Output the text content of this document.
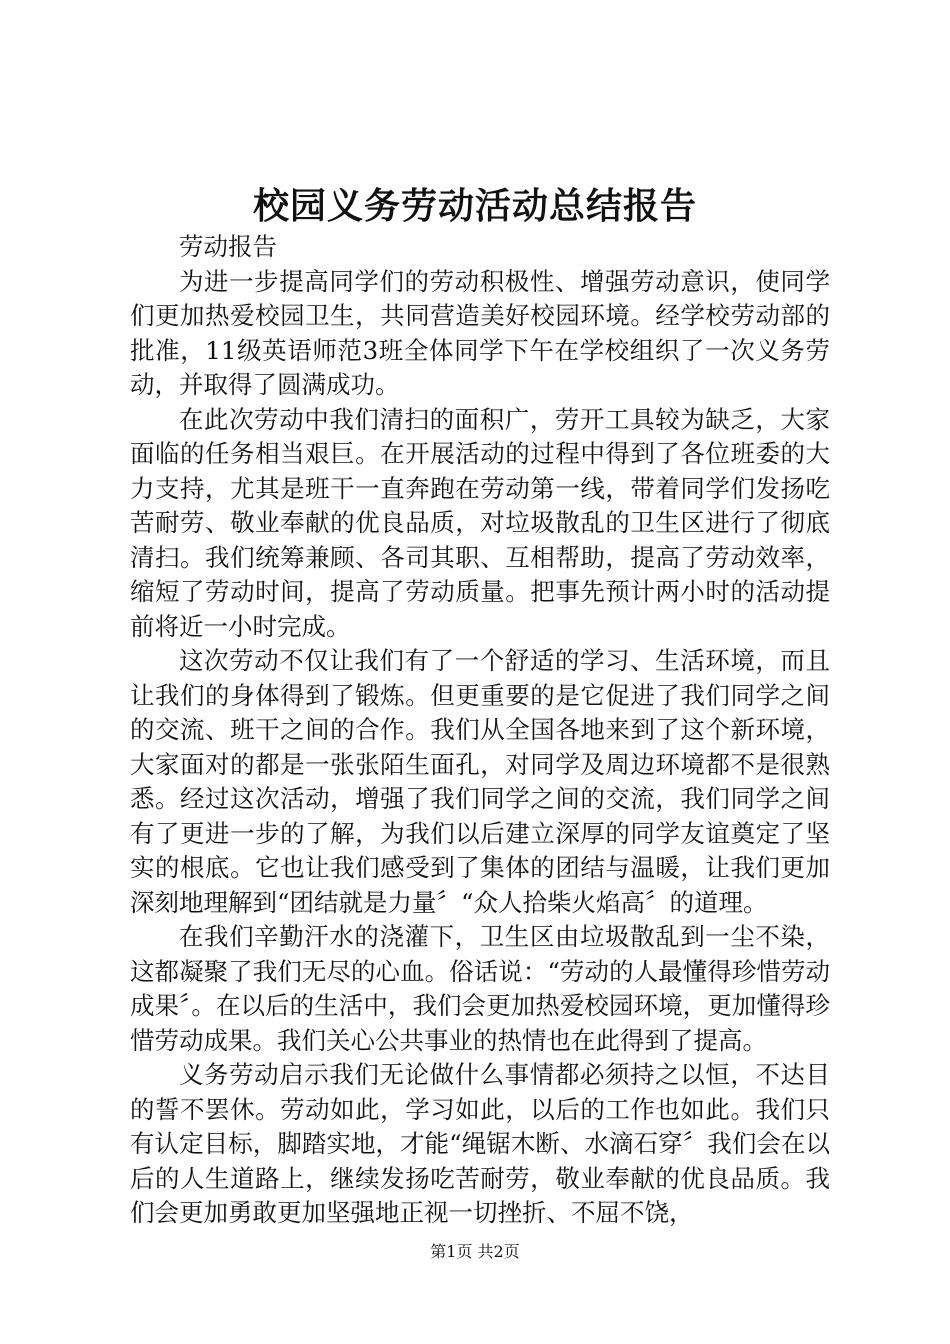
校园义务劳动活动总结报告

劳动报告

为进一步提高同学们的劳动积极性、增强劳动意识，使同学们更加热爱校园卫生，共同营造美好校园环境。经学校劳动部的批准，11级英语师范3班全体同学下午在学校组织了一次义务劳动，并取得了圆满成功。

在此次劳动中我们清扫的面积广，劳开工具较为缺乏，大家面临的任务相当艰巨。在开展活动的过程中得到了各位班委的大力支持，尤其是班干一直奔跑在劳动第一线，带着同学们发扬吃苦耐劳、敬业奉献的优良品质，对垃圾散乱的卫生区进行了彻底清扫。我们统筹兼顾、各司其职、互相帮助，提高了劳动效率，缩短了劳动时间，提高了劳动质量。把事先预计两小时的活动提前将近一小时完成。

这次劳动不仅让我们有了一个舒适的学习、生活环境，而且让我们的身体得到了锻炼。但更重要的是它促进了我们同学之间的交流、班干之间的合作。我们从全国各地来到了这个新环境，大家面对的都是一张张陌生面孔，对同学及周边环境都不是很熟悉。经过这次活动，增强了我们同学之间的交流，我们同学之间有了更进一步的了解，为我们以后建立深厚的同学友谊奠定了坚实的根底。它也让我们感受到了集体的团结与温暖，让我们更加深刻地理解到“团结就是力量〞“众人拾柴火焰高〞的道理。

在我们辛勤汗水的浇灌下，卫生区由垃圾散乱到一尘不染，这都凝聚了我们无尽的心血。俗话说：“劳动的人最懂得珍惜劳动成果〞。在以后的生活中，我们会更加热爱校园环境，更加懂得珍惜劳动成果。我们关心公共事业的热情也在此得到了提高。

义务劳动启示我们无论做什么事情都必须持之以恒，不达目的誓不罢休。劳动如此，学习如此，以后的工作也如此。我们只有认定目标，脚踏实地，才能“绳锯木断、水滴石穿〞我们会在以后的人生道路上，继续发扬吃苦耐劳，敬业奉献的优良品质。我们会更加勇敢更加坚强地正视一切挫折、不屈不饶，

第1页 共2页
